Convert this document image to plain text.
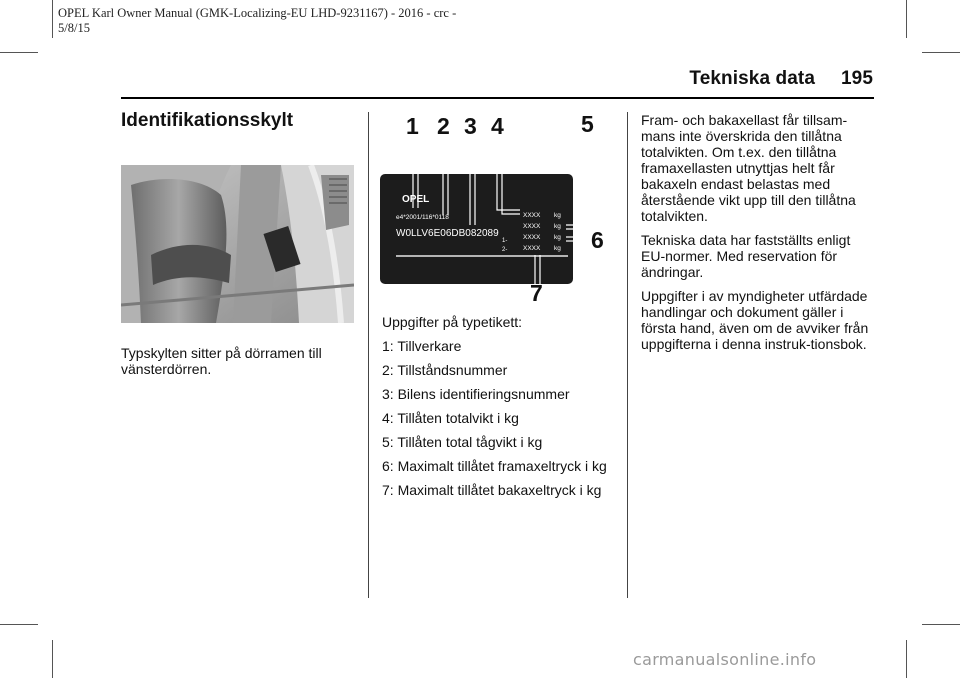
OPEL Karl Owner Manual (GMK-Localizing-EU LHD-9231167) - 2016 - crc -
5/8/15
Tekniska data 195
Identifikationsskylt
Typskylten sitter på dörramen till vänsterdörren.
OPEL
e4*2001/116*0118
W0LLV6E06DB082089
1-
2-
XXXX
XXXX
XXXX
XXXX
kg
kg
kg
kg
1 2 3 4	5
6
7

Uppgifter på typetikett:

1: Tillverkare

2: Tillståndsnummer

3: Bilens identifieringsnummer

4: Tillåten totalvikt i kg

5: Tillåten total tågvikt i kg

6: Maximalt tillåtet framaxeltryck i kg

7: Maximalt tillåtet bakaxeltryck i kg

Fram- och bakaxellast får tillsam-mans inte överskrida den tillåtna totalvikten. Om t.ex. den tillåtna framaxellasten utnyttjas helt får bakaxeln endast belastas med återstående vikt upp till den tillåtna totalvikten.

Tekniska data har fastställts enligt EU-normer. Med reservation för ändringar.

Uppgifter i av myndigheter utfärdade handlingar och dokument gäller i första hand, även om de avviker från uppgifterna i denna instruk-tionsbok.

carmanualsonline.info
